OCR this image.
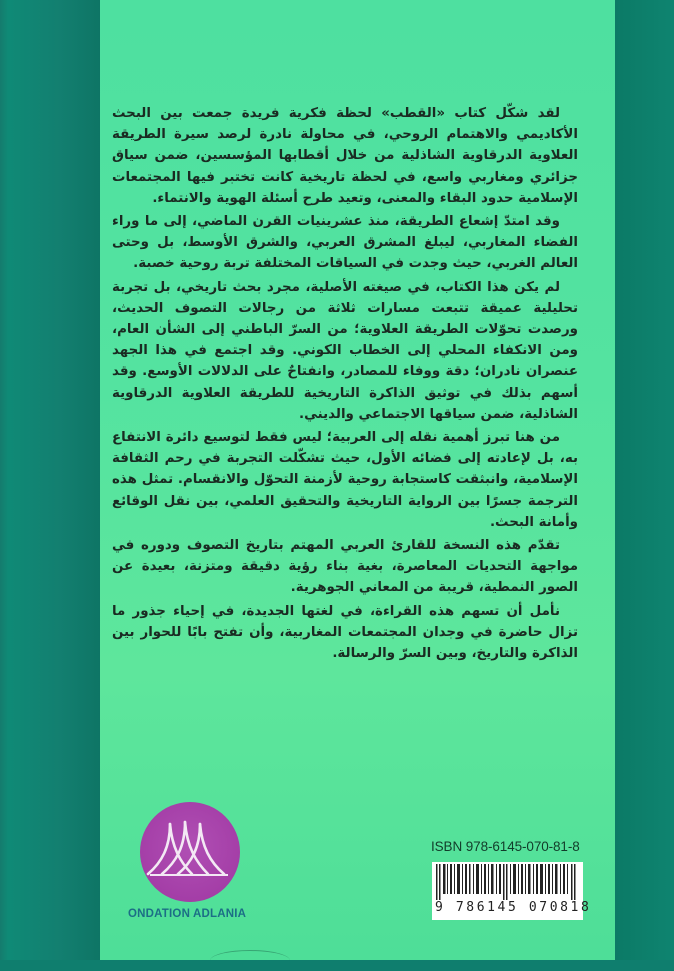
لقد شكّل كتاب «القطب» لحظة فكرية فريدة جمعت بين البحث الأكاديمي والاهتمام الروحي، في محاولة نادرة لرصد سيرة الطريقة العلاوية الدرقاوية الشاذلية من خلال أقطابها المؤسسين، ضمن سياق جزائري ومغاربي واسع، في لحظة تاريخية كانت تختبر فيها المجتمعات الإسلامية حدود البقاء والمعنى، وتعيد طرح أسئلة الهوية والانتماء.

وقد امتدّ إشعاع الطريقة، منذ عشرينيات القرن الماضي، إلى ما وراء الفضاء المغاربي، ليبلغ المشرق العربي، والشرق الأوسط، بل وحتى العالم الغربي، حيث وجدت في السياقات المختلفة تربة روحية خصبة.

لم يكن هذا الكتاب، في صيغته الأصلية، مجرد بحث تاريخي، بل تجربة تحليلية عميقة تتبعت مسارات ثلاثة من رجالات التصوف الحديث، ورصدت تحوّلات الطريقة العلاوية؛ من السرّ الباطني إلى الشأن العام، ومن الانكفاء المحلي إلى الخطاب الكوني. وقد اجتمع في هذا الجهد عنصران نادران؛ دقة ووفاء للمصادر، وانفتاحٌ على الدلالات الأوسع. وقد أسهم بذلك في توثيق الذاكرة التاريخية للطريقة العلاوية الدرقاوية الشاذلية، ضمن سياقها الاجتماعي والديني.

من هنا تبرز أهمية نقله إلى العربية؛ ليس فقط لتوسيع دائرة الانتفاع به، بل لإعادته إلى فضائه الأول، حيث تشكّلت التجربة في رحم الثقافة الإسلامية، وانبثقت كاستجابة روحية لأزمنة التحوّل والانقسام. تمثل هذه الترجمة جسرًا بين الرواية التاريخية والتحقيق العلمي، بين نقل الوقائع وأمانة البحث.

تقدّم هذه النسخة للقارئ العربي المهتم بتاريخ التصوف ودوره في مواجهة التحديات المعاصرة، بغية بناء رؤية دقيقة ومتزنة، بعيدة عن الصور النمطية، قريبة من المعاني الجوهرية.

نأمل أن تسهم هذه القراءة، في لغتها الجديدة، في إحياء جذور ما تزال حاضرة في وجدان المجتمعات المغاربية، وأن تفتح بابًا للحوار بين الذاكرة والتاريخ، وبين السرّ والرسالة.

ONDATION ADLANIA
ISBN 978-6145-070-81-8
9 786145 070818
